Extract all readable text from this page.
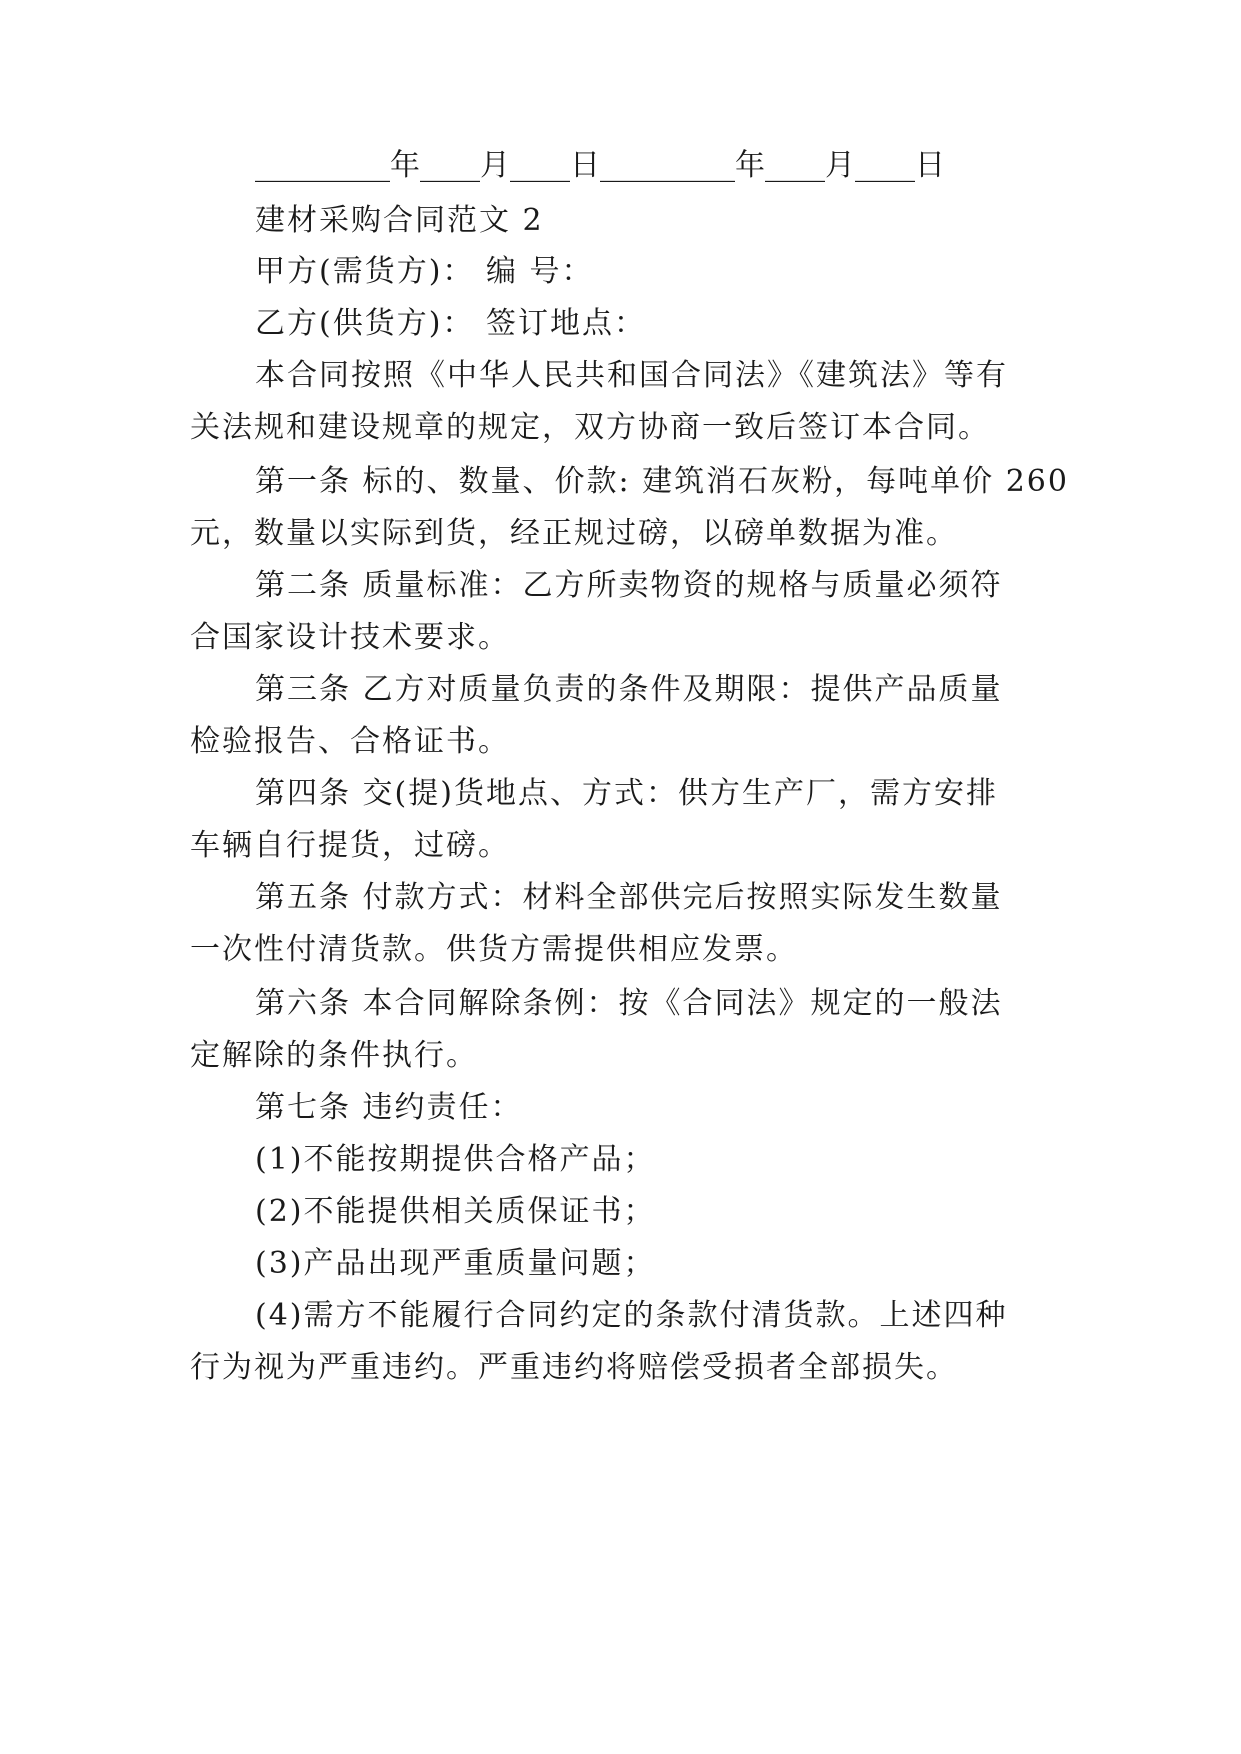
_________年____月____日_________年____月____日
建材采购合同范文 2
甲方(需货方)： 编 号：
乙方(供货方)： 签订地点：
本合同按照《中华人民共和国合同法》《建筑法》等有
关法规和建设规章的规定，双方协商一致后签订本合同。
第一条 标的、数量、价款: 建筑消石灰粉，每吨单价 260
元，数量以实际到货，经正规过磅，以磅单数据为准。
第二条 质量标准：乙方所卖物资的规格与质量必须符
合国家设计技术要求。
第三条 乙方对质量负责的条件及期限：提供产品质量
检验报告、合格证书。
第四条 交(提)货地点、方式：供方生产厂，需方安排
车辆自行提货，过磅。
第五条 付款方式：材料全部供完后按照实际发生数量
一次性付清货款。供货方需提供相应发票。
第六条 本合同解除条例：按《合同法》规定的一般法
定解除的条件执行。
第七条 违约责任：
(1)不能按期提供合格产品；
(2)不能提供相关质保证书；
(3)产品出现严重质量问题；
(4)需方不能履行合同约定的条款付清货款。上述四种
行为视为严重违约。严重违约将赔偿受损者全部损失。
